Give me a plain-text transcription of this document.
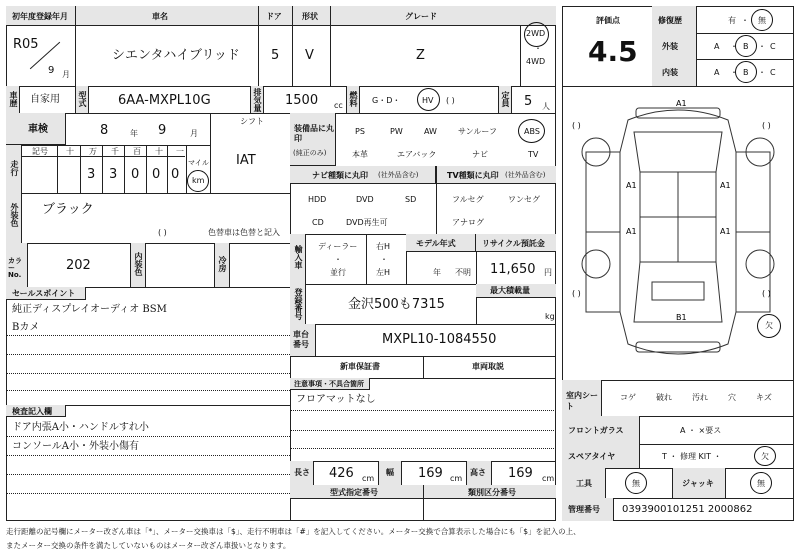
初年度登録年月	車名	ドア	形状	グレード
R05
9 月
シエンタハイブリッド 5 V	Z
2WD
・
4WD
車歴 自家用 型式 6AA-MXPL10G	排気量 1500 cc 燃料 G・D・	HV ( )	定員 5 人
車検	8	年 9	月
シフト
IAT
走行
記号 十 万 千 百 十 一
3 3 0 0 0
マイル
km
外装色 ブラック
( )	色替車は色替と記入
カラーNo.
202	内装色	冷房
セールスポイント
純正ディスプレイオーディオ BSM
Bカメ
検査記入欄
ドア内張A小・ハンドルすれ小
コンソールA小・外装小傷有
装備品に丸印
(純正のみ)
PS	PW	AW	サンルーフ	ABS
本革	エアバック	ナビ	TV
ナビ種類に丸印 (社外品含む)	TV種類に丸印 (社外品含む)
HDD	DVD	SD
CD	DVD再生可
フルセグ	ワンセグ
アナログ
輸入車 ディーラー
・
並行
右H
・
左H
モデル年式
年 不明
リサイクル預託金
11,650 円
登録番号	金沢500も7315
最大積載量
kg
車台番号	MXPL10-1084550
新車保証書	車両取説
注意事項・不具合箇所
フロアマットなし
長さ 426 cm
幅 169 cm
高さ 169 cm
型式指定番号	類別区分番号
評価点
4.5
修復歴	有 ・ 無
外装	A ・ B ・ C
内装	A ・ B ・ C
A1
A1
A1
A1
A1
B1
( )	( )
( )	( )
欠
室内シート
コゲ	破れ	汚れ	穴	キズ
フロントガラス	A ・ ×要ス
スペアタイヤ	T ・ 修理 KIT ・	欠
工具	無	ジャッキ	無
管理番号 0393900101251 2000862
走行距離の記号欄にメーター改ざん車は「*」、メーター交換車は「$」、走行不明車は「#」を記入してください。メーター交換で合算表示した場合にも「$」を記入の上、
またメーター交換の条件を満たしていないものはメーター改ざん車扱いとなります。
